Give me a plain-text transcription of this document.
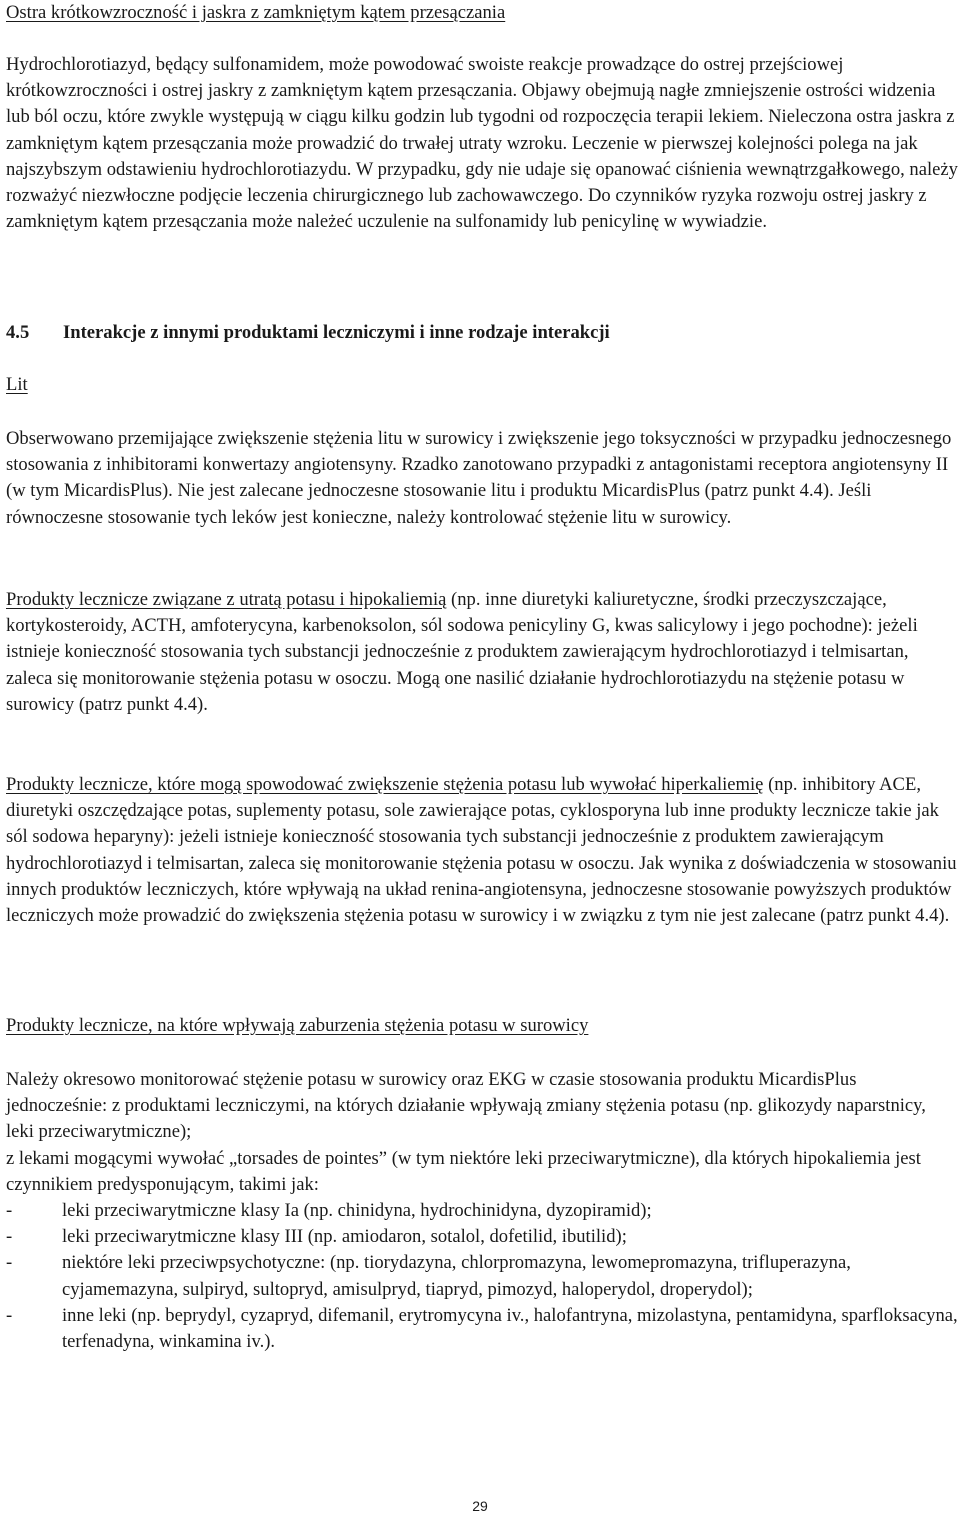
Ostra krótkowzroczność i jaskra z zamkniętym kątem przesączania

Hydrochlorotiazyd, będący sulfonamidem, może powodować swoiste reakcje prowadzące do ostrej przejściowej krótkowzroczności i ostrej jaskry z zamkniętym kątem przesączania. Objawy obejmują nagłe zmniejszenie ostrości widzenia lub ból oczu, które zwykle występują w ciągu kilku godzin lub tygodni od rozpoczęcia terapii lekiem. Nieleczona ostra jaskra z zamkniętym kątem przesączania może prowadzić do trwałej utraty wzroku. Leczenie w pierwszej kolejności polega na jak najszybszym odstawieniu hydrochlorotiazydu. W przypadku, gdy nie udaje się opanować ciśnienia wewnątrzgałkowego, należy rozważyć niezwłoczne podjęcie leczenia chirurgicznego lub zachowawczego. Do czynników ryzyka rozwoju ostrej jaskry z zamkniętym kątem przesączania może należeć uczulenie na sulfonamidy lub penicylinę w wywiadzie.

4.5 Interakcje z innymi produktami leczniczymi i inne rodzaje interakcji
Lit

Obserwowano przemijające zwiększenie stężenia litu w surowicy i zwiększenie jego toksyczności w przypadku jednoczesnego stosowania z inhibitorami konwertazy angiotensyny. Rzadko zanotowano przypadki z antagonistami receptora angiotensyny II (w tym MicardisPlus). Nie jest zalecane jednoczesne stosowanie litu i produktu MicardisPlus (patrz punkt 4.4). Jeśli równoczesne stosowanie tych leków jest konieczne, należy kontrolować stężenie litu w surowicy.

Produkty lecznicze związane z utratą potasu i hipokaliemią (np. inne diuretyki kaliuretyczne, środki przeczyszczające, kortykosteroidy, ACTH, amfoterycyna, karbenoksolon, sól sodowa penicyliny G, kwas salicylowy i jego pochodne): jeżeli istnieje konieczność stosowania tych substancji jednocześnie z produktem zawierającym hydrochlorotiazyd i telmisartan, zaleca się monitorowanie stężenia potasu w osoczu. Mogą one nasilić działanie hydrochlorotiazydu na stężenie potasu w surowicy (patrz punkt 4.4).

Produkty lecznicze, które mogą spowodować zwiększenie stężenia potasu lub wywołać hiperkaliemię (np. inhibitory ACE, diuretyki oszczędzające potas, suplementy potasu, sole zawierające potas, cyklosporyna lub inne produkty lecznicze takie jak sól sodowa heparyny): jeżeli istnieje konieczność stosowania tych substancji jednocześnie z produktem zawierającym hydrochlorotiazyd i telmisartan, zaleca się monitorowanie stężenia potasu w osoczu. Jak wynika z doświadczenia w stosowaniu innych produktów leczniczych, które wpływają na układ renina-angiotensyna, jednoczesne stosowanie powyższych produktów leczniczych może prowadzić do zwiększenia stężenia potasu w surowicy i w związku z tym nie jest zalecane (patrz punkt 4.4).

Produkty lecznicze, na które wpływają zaburzenia stężenia potasu w surowicy

Należy okresowo monitorować stężenie potasu w surowicy oraz EKG w czasie stosowania produktu MicardisPlus jednocześnie: z produktami leczniczymi, na których działanie wpływają zmiany stężenia potasu (np. glikozydy naparstnicy, leki przeciwarytmiczne);

z lekami mogącymi wywołać „torsades de pointes” (w tym niektóre leki przeciwarytmiczne), dla których hipokaliemia jest czynnikiem predysponującym, takimi jak:

-	leki przeciwarytmiczne klasy Ia (np. chinidyna, hydrochinidyna, dyzopiramid);
-	leki przeciwarytmiczne klasy III (np. amiodaron, sotalol, dofetilid, ibutilid);
-	niektóre leki przeciwpsychotyczne: (np. tiorydazyna, chlorpromazyna, lewomepromazyna, trifluperazyna, cyjamemazyna, sulpiryd, sultopryd, amisulpryd, tiapryd, pimozyd, haloperydol, droperydol);
-	inne leki (np. beprydyl, cyzapryd, difemanil, erytromycyna iv., halofantryna, mizolastyna, pentamidyna, sparfloksacyna, terfenadyna, winkamina iv.).
29
